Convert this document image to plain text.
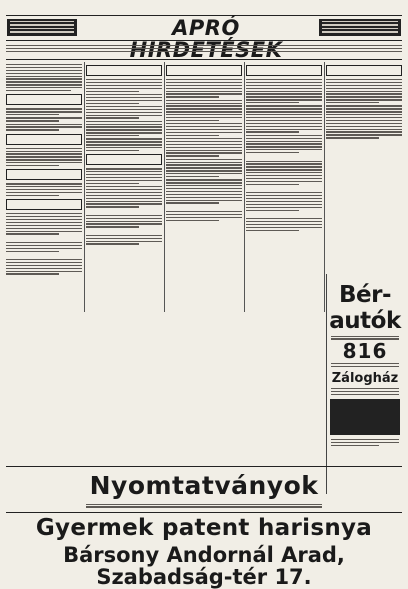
APRÓ

Bér-autók
816
Zálogház
Nyomtatványok
Gyermek patent harisnya
Bársony Andornál Arad, Szabadság-tér 17.
